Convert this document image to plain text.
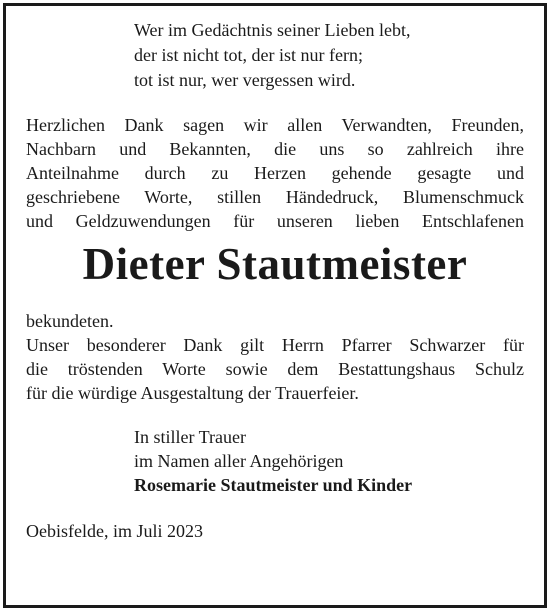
Wer im Gedächtnis seiner Lieben lebt,
der ist nicht tot, der ist nur fern;
tot ist nur, wer vergessen wird.
Herzlichen Dank sagen wir allen Verwandten, Freunden,
Nachbarn und Bekannten, die uns so zahlreich ihre
Anteilnahme durch zu Herzen gehende gesagte und
geschriebene Worte, stillen Händedruck, Blumenschmuck
und Geldzuwendungen für unseren lieben Entschlafenen
Dieter Stautmeister
bekundeten.
Unser besonderer Dank gilt Herrn Pfarrer Schwarzer für
die tröstenden Worte sowie dem Bestattungshaus Schulz
für die würdige Ausgestaltung der Trauerfeier.
In stiller Trauer
im Namen aller Angehörigen
Rosemarie Stautmeister und Kinder
Oebisfelde, im Juli 2023
